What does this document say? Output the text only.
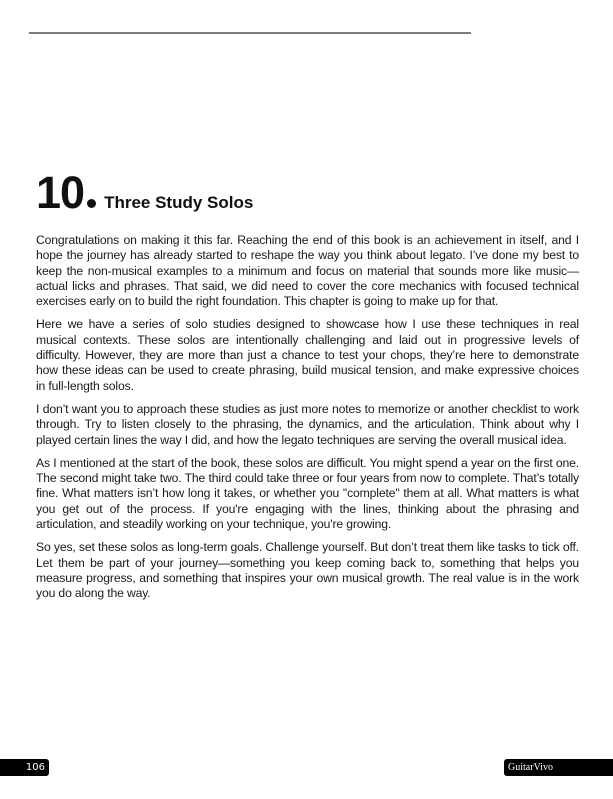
10 Three Study Solos

Congratulations on making it this far. Reaching the end of this book is an achievement in itself, and I hope the journey has already started to reshape the way you think about legato. I’ve done my best to keep the non-musical examples to a minimum and focus on material that sounds more like music—actual licks and phrases. That said, we did need to cover the core mechanics with focused technical exercises early on to build the right foundation. This chapter is going to make up for that.

Here we have a series of solo studies designed to showcase how I use these techniques in real musical contexts. These solos are intentionally challenging and laid out in progressive levels of difficulty. However, they are more than just a chance to test your chops, they’re here to demonstrate how these ideas can be used to create phrasing, build musical tension, and make expressive choices in full-length solos.

I don’t want you to approach these studies as just more notes to memorize or another checklist to work through. Try to listen closely to the phrasing, the dynamics, and the articulation. Think about why I played certain lines the way I did, and how the legato techniques are serving the overall musical idea.

As I mentioned at the start of the book, these solos are difficult. You might spend a year on the first one. The second might take two. The third could take three or four years from now to complete. That’s totally fine. What matters isn’t how long it takes, or whether you "complete" them at all. What matters is what you get out of the process. If you're engaging with the lines, thinking about the phrasing and articulation, and steadily working on your technique, you're growing.

So yes, set these solos as long-term goals. Challenge yourself. But don’t treat them like tasks to tick off. Let them be part of your journey—something you keep coming back to, something that helps you measure progress, and something that inspires your own musical growth. The real value is in the work you do along the way.

106	GuitarVivo
